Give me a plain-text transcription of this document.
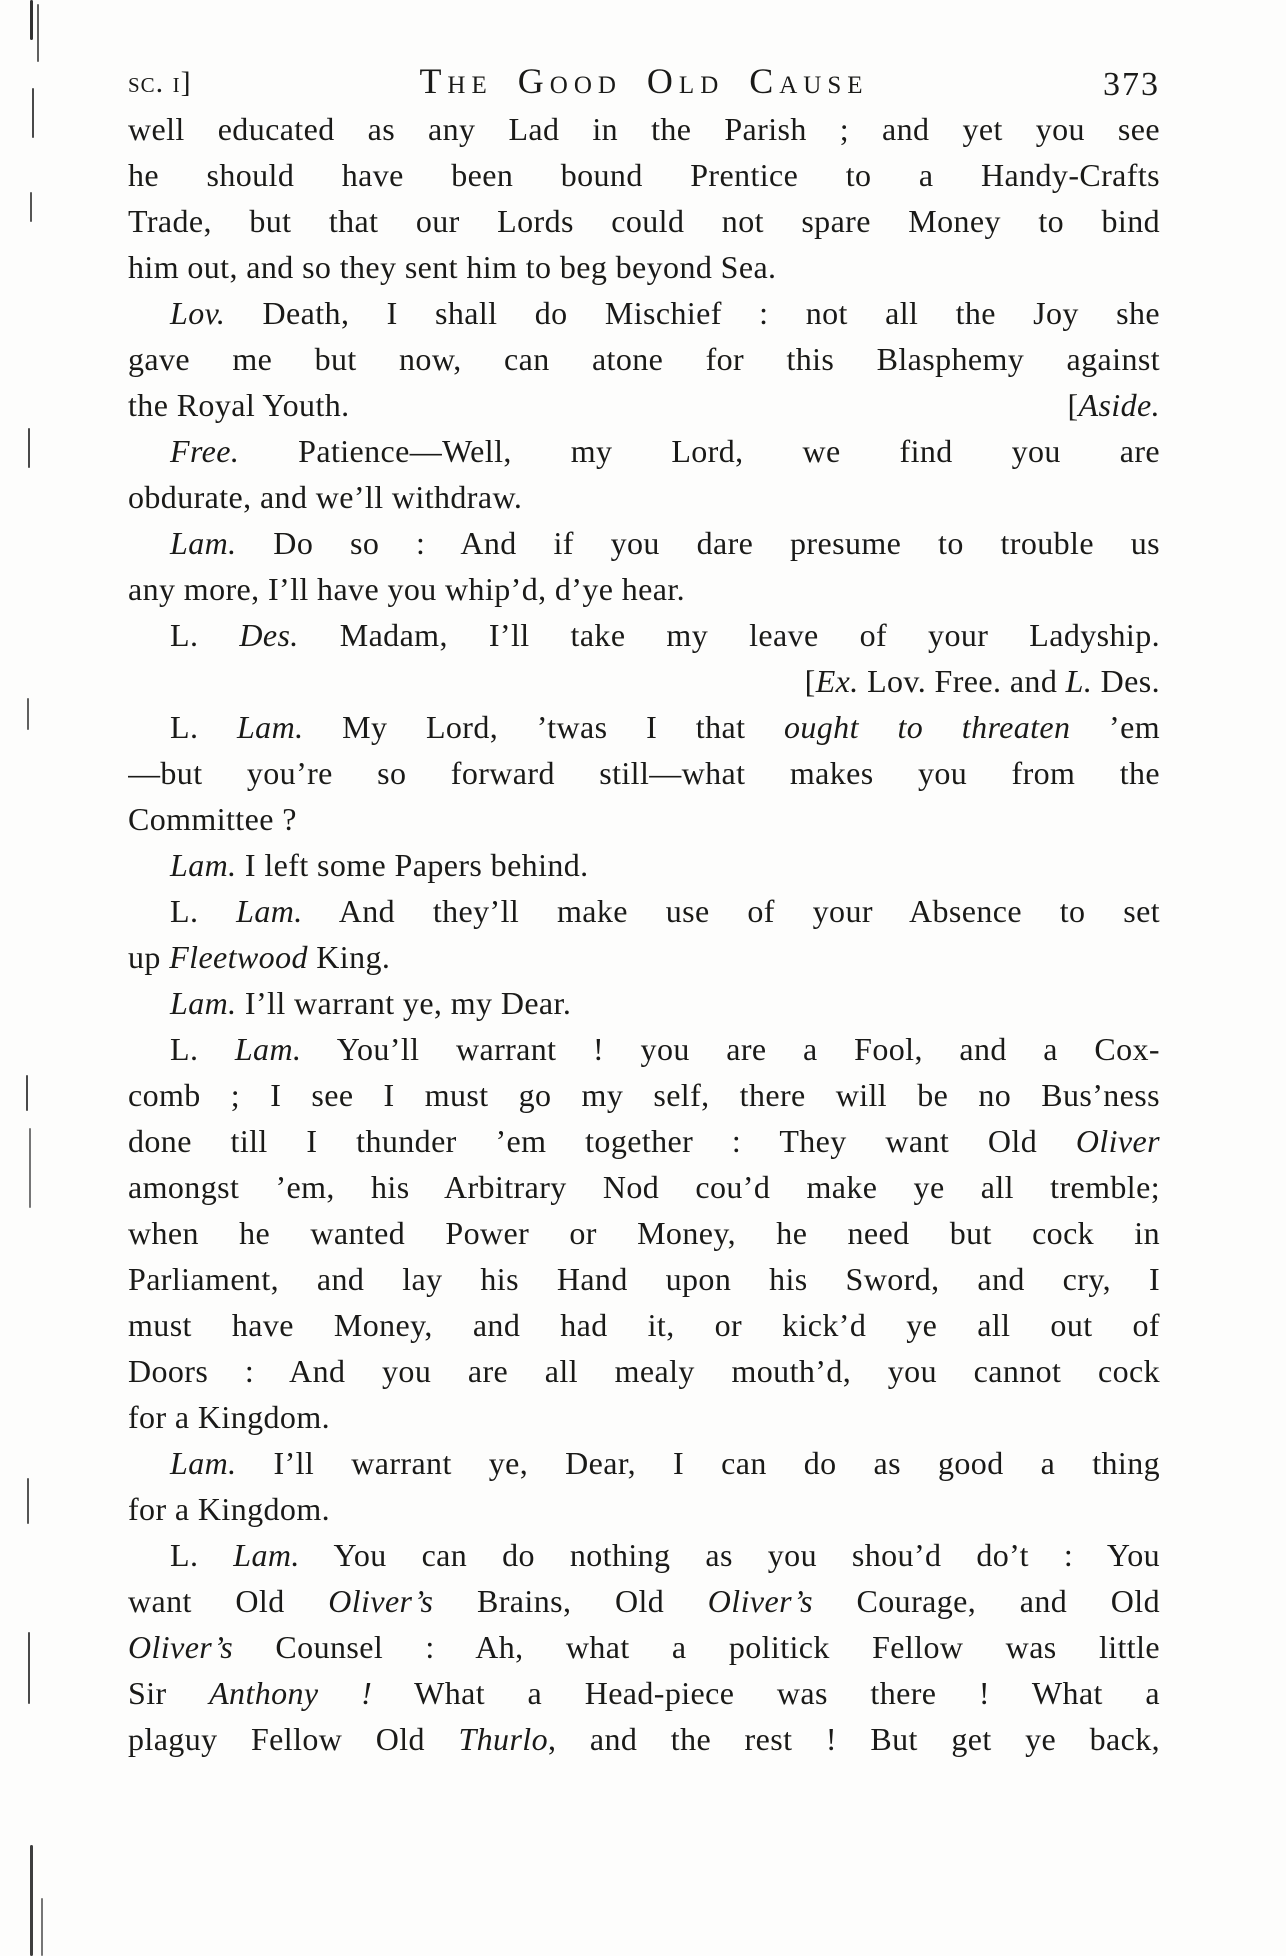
sc. i]	The Good Old Cause	373
well educated as any Lad in the Parish ; and yet you see
he should have been bound Prentice to a Handy-Crafts
Trade, but that our Lords could not spare Money to bind
him out, and so they sent him to beg beyond Sea.
Lov. Death, I shall do Mischief : not all the Joy she
gave me but now, can atone for this Blasphemy against
the Royal Youth.	[Aside.
Free. Patience—Well, my Lord, we find you are
obdurate, and we’ll withdraw.
Lam. Do so : And if you dare presume to trouble us
any more, I’ll have you whip’d, d’ye hear.
L. Des. Madam, I’ll take my leave of your Ladyship.
[Ex. Lov. Free. and L. Des.
L. Lam. My Lord, ’twas I that ought to threaten ’em
—but you’re so forward still—what makes you from the
Committee ?
Lam. I left some Papers behind.
L. Lam. And they’ll make use of your Absence to set
up Fleetwood King.
Lam. I’ll warrant ye, my Dear.
L. Lam. You’ll warrant ! you are a Fool, and a Cox-
comb ; I see I must go my self, there will be no Bus’ness
done till I thunder ’em together : They want Old Oliver
amongst ’em, his Arbitrary Nod cou’d make ye all tremble;
when he wanted Power or Money, he need but cock in
Parliament, and lay his Hand upon his Sword, and cry, I
must have Money, and had it, or kick’d ye all out of
Doors : And you are all mealy mouth’d, you cannot cock
for a Kingdom.
Lam. I’ll warrant ye, Dear, I can do as good a thing
for a Kingdom.
L. Lam. You can do nothing as you shou’d do’t : You
want Old Oliver’s Brains, Old Oliver’s Courage, and Old
Oliver’s Counsel : Ah, what a politick Fellow was little
Sir Anthony ! What a Head-piece was there ! What a
plaguy Fellow Old Thurlo, and the rest ! But get ye back,
